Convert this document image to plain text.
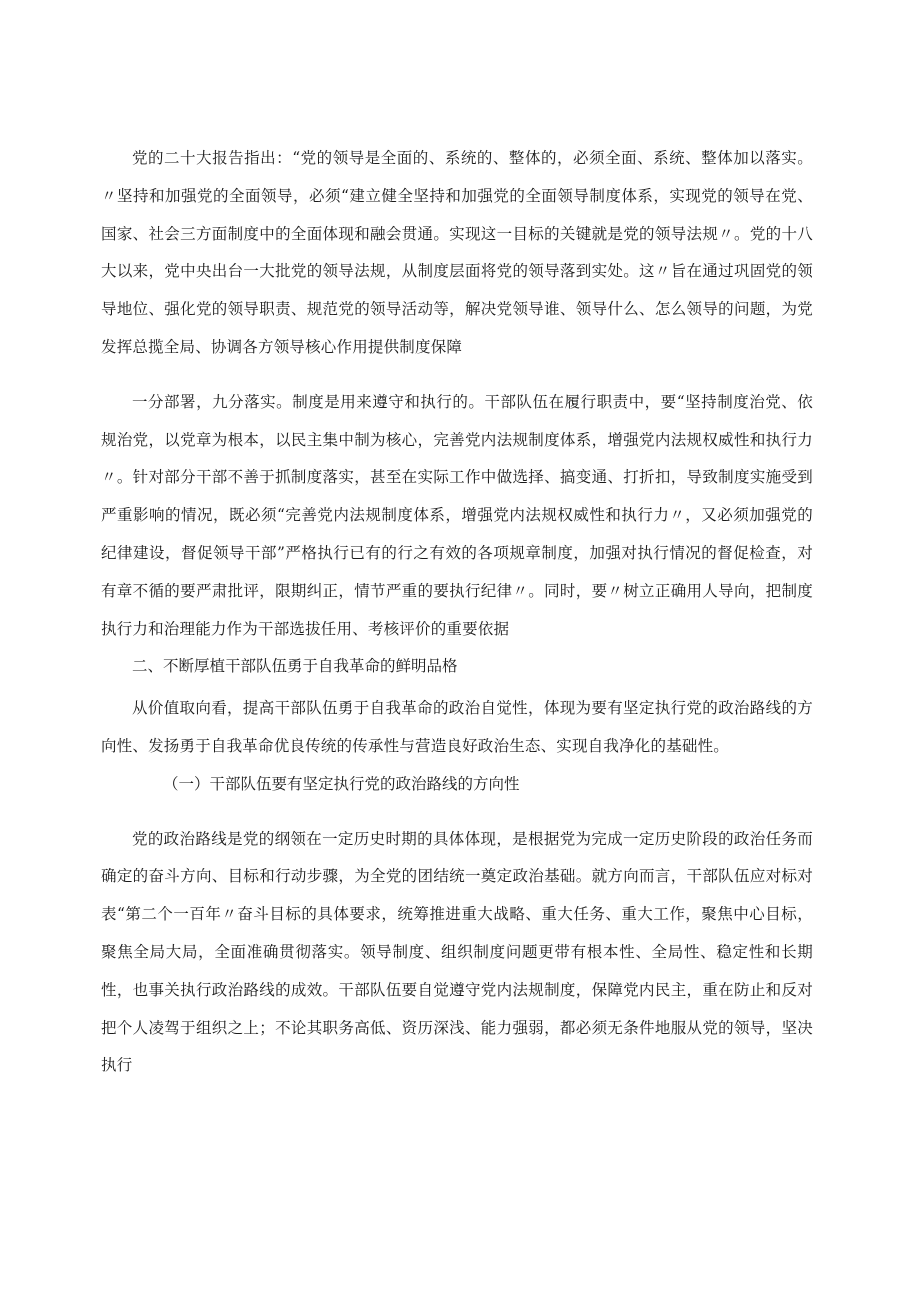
党的二十大报告指出：“党的领导是全面的、系统的、整体的，必须全面、系统、整体加以落实。〃坚持和加强党的全面领导，必须“建立健全坚持和加强党的全面领导制度体系，实现党的领导在党、国家、社会三方面制度中的全面体现和融会贯通。实现这一目标的关键就是党的领导法规〃。党的十八大以来，党中央出台一大批党的领导法规，从制度层面将党的领导落到实处。这〃旨在通过巩固党的领导地位、强化党的领导职责、规范党的领导活动等，解决党领导谁、领导什么、怎么领导的问题，为党发挥总揽全局、协调各方领导核心作用提供制度保障

一分部署，九分落实。制度是用来遵守和执行的。干部队伍在履行职责中，要“坚持制度治党、依规治党，以党章为根本，以民主集中制为核心，完善党内法规制度体系，增强党内法规权威性和执行力〃。针对部分干部不善于抓制度落实，甚至在实际工作中做选择、搞变通、打折扣，导致制度实施受到严重影响的情况，既必须“完善党内法规制度体系，增强党内法规权威性和执行力〃，又必须加强党的纪律建设，督促领导干部”严格执行已有的行之有效的各项规章制度，加强对执行情况的督促检查，对有章不循的要严肃批评，限期纠正，情节严重的要执行纪律〃。同时，要〃树立正确用人导向，把制度执行力和治理能力作为干部选拔任用、考核评价的重要依据

二、不断厚植干部队伍勇于自我革命的鲜明品格

从价值取向看，提高干部队伍勇于自我革命的政治自觉性，体现为要有坚定执行党的政治路线的方向性、发扬勇于自我革命优良传统的传承性与营造良好政治生态、实现自我净化的基础性。

（一）干部队伍要有坚定执行党的政治路线的方向性

党的政治路线是党的纲领在一定历史时期的具体体现，是根据党为完成一定历史阶段的政治任务而确定的奋斗方向、目标和行动步骤，为全党的团结统一奠定政治基础。就方向而言，干部队伍应对标对表“第二个一百年〃奋斗目标的具体要求，统筹推进重大战略、重大任务、重大工作，聚焦中心目标，聚焦全局大局，全面准确贯彻落实。领导制度、组织制度问题更带有根本性、全局性、稳定性和长期性，也事关执行政治路线的成效。干部队伍要自觉遵守党内法规制度，保障党内民主，重在防止和反对把个人凌驾于组织之上；不论其职务高低、资历深浅、能力强弱，都必须无条件地服从党的领导，坚决执行
